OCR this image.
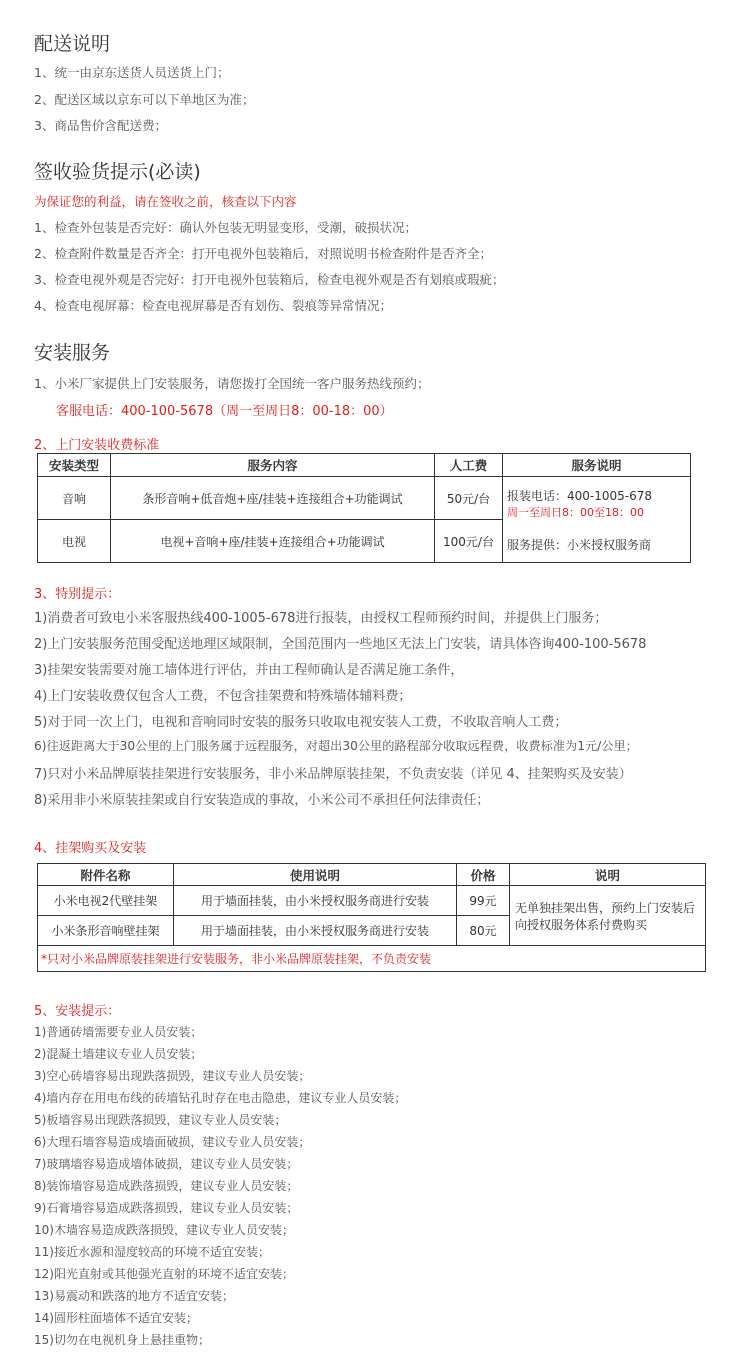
配送说明
1、统一由京东送货人员送货上门；
2、配送区域以京东可以下单地区为准；
3、商品售价含配送费；
签收验货提示(必读)
为保证您的利益，请在签收之前，核查以下内容
1、检查外包装是否完好：确认外包装无明显变形，受潮，破损状况；
2、检查附件数量是否齐全：打开电视外包装箱后，对照说明书检查附件是否齐全；
3、检查电视外观是否完好：打开电视外包装箱后，检查电视外观是否有划痕或瑕疵；
4、检查电视屏幕：检查电视屏幕是否有划伤、裂痕等异常情况；
安装服务
1、小米厂家提供上门安装服务，请您拨打全国统一客户服务热线预约；
客服电话：400-100-5678（周一至周日8：00-18：00）
2、上门安装收费标准
安装类型	服务内容	人工费	服务说明
音响	条形音响+低音炮+座/挂装+连接组合+功能调试	50元/台	报装电话：400-1005-678
周一至周日8：00至18：00
服务提供：小米授权服务商

电视	电视+音响+座/挂装+连接组合+功能调试	100元/台	
3、特别提示：
1)消费者可致电小米客服热线400-1005-678进行报装，由授权工程师预约时间，并提供上门服务；
2)上门安装服务范围受配送地理区域限制，全国范围内一些地区无法上门安装，请具体咨询400-100-5678
3)挂架安装需要对施工墙体进行评估，并由工程师确认是否满足施工条件，
4)上门安装收费仅包含人工费，不包含挂架费和特殊墙体辅料费；
5)对于同一次上门，电视和音响同时安装的服务只收取电视安装人工费，不收取音响人工费；
6)往返距离大于30公里的上门服务属于远程服务，对超出30公里的路程部分收取远程费，收费标准为1元/公里；
7)只对小米品牌原装挂架进行安装服务，非小米品牌原装挂架，不负责安装（详见 4、挂架购买及安装）
8)采用非小米原装挂架或自行安装造成的事故，小米公司不承担任何法律责任；
4、挂架购买及安装
附件名称	使用说明	价格	说明
小米电视2代壁挂架	用于墙面挂装，由小米授权服务商进行安装	99元	无单独挂架出售，预约上门安装后向授权服务体系付费购买
小米条形音响壁挂架	用于墙面挂装，由小米授权服务商进行安装	80元	
*只对小米品牌原装挂架进行安装服务，非小米品牌原装挂架，不负责安装			
5、安装提示：
1)普通砖墙需要专业人员安装；
2)混凝土墙建议专业人员安装；
3)空心砖墙容易出现跌落损毁，建议专业人员安装；
4)墙内存在用电布线的砖墙钻孔时存在电击隐患，建议专业人员安装；
5)板墙容易出现跌落损毁，建议专业人员安装；
6)大理石墙容易造成墙面破损，建议专业人员安装；
7)玻璃墙容易造成墙体破损，建议专业人员安装；
8)装饰墙容易造成跌落损毁，建议专业人员安装；
9)石膏墙容易造成跌落损毁，建议专业人员安装；
10)木墙容易造成跌落损毁，建议专业人员安装；
11)接近水源和湿度较高的环境不适宜安装；
12)阳光直射或其他强光直射的环境不适宜安装；
13)易震动和跌落的地方不适宜安装；
14)圆形柱面墙体不适宜安装；
15)切勿在电视机身上悬挂重物；
